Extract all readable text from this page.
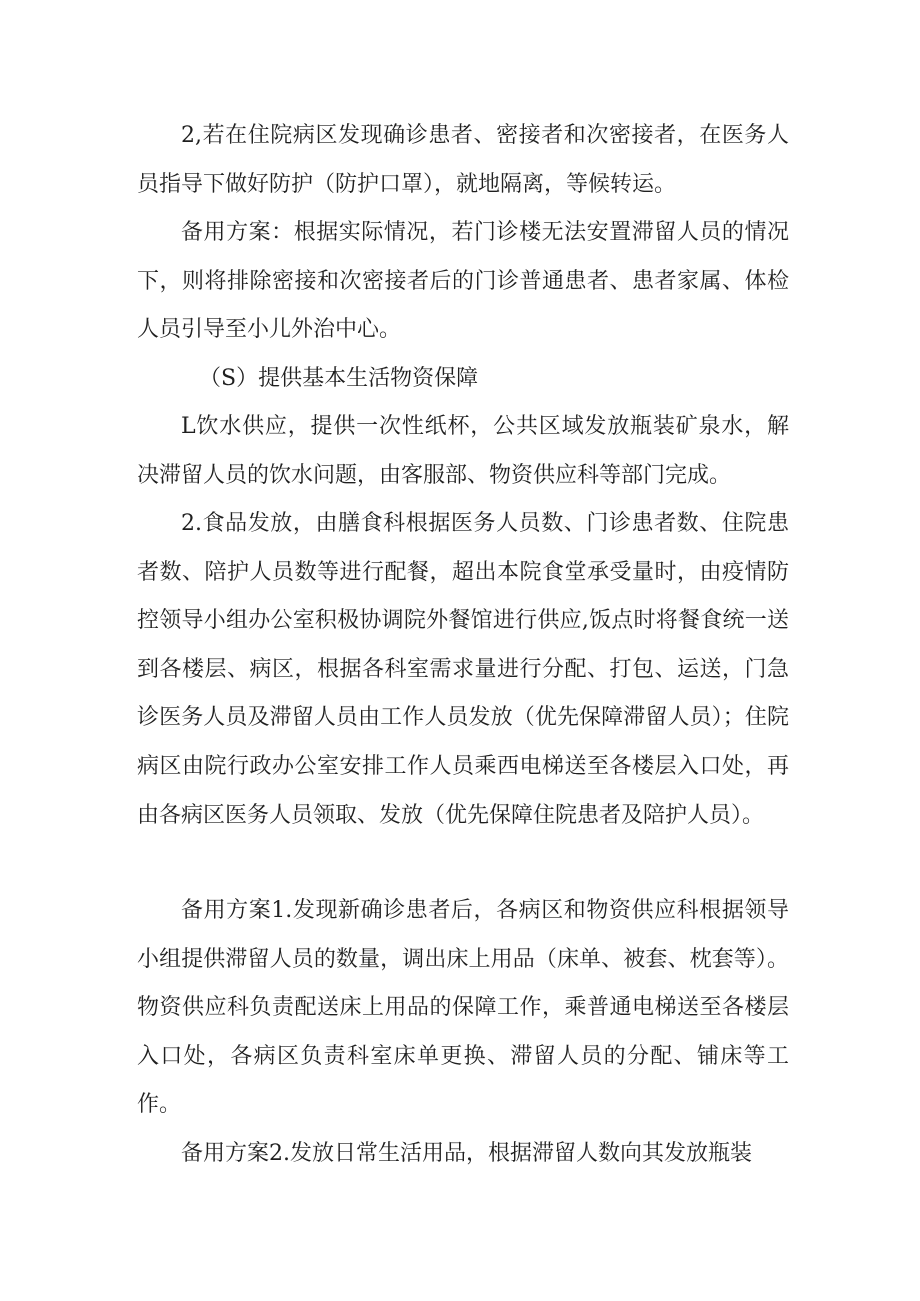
2,若在住院病区发现确诊患者、密接者和次密接者，在医务人员指导下做好防护（防护口罩），就地隔离，等候转运。

备用方案：根据实际情况，若门诊楼无法安置滞留人员的情况下，则将排除密接和次密接者后的门诊普通患者、患者家属、体检人员引导至小儿外治中心。

（S）提供基本生活物资保障

L饮水供应，提供一次性纸杯，公共区域发放瓶装矿泉水，解决滞留人员的饮水问题，由客服部、物资供应科等部门完成。

2.食品发放，由膳食科根据医务人员数、门诊患者数、住院患者数、陪护人员数等进行配餐，超出本院食堂承受量时，由疫情防控领导小组办公室积极协调院外餐馆进行供应,饭点时将餐食统一送到各楼层、病区，根据各科室需求量进行分配、打包、运送，门急诊医务人员及滞留人员由工作人员发放（优先保障滞留人员）；住院病区由院行政办公室安排工作人员乘西电梯送至各楼层入口处，再由各病区医务人员领取、发放（优先保障住院患者及陪护人员）。

备用方案1.发现新确诊患者后，各病区和物资供应科根据领导小组提供滞留人员的数量，调出床上用品（床单、被套、枕套等）。物资供应科负责配送床上用品的保障工作，乘普通电梯送至各楼层入口处，各病区负责科室床单更换、滞留人员的分配、铺床等工作。

备用方案2.发放日常生活用品，根据滞留人数向其发放瓶装
